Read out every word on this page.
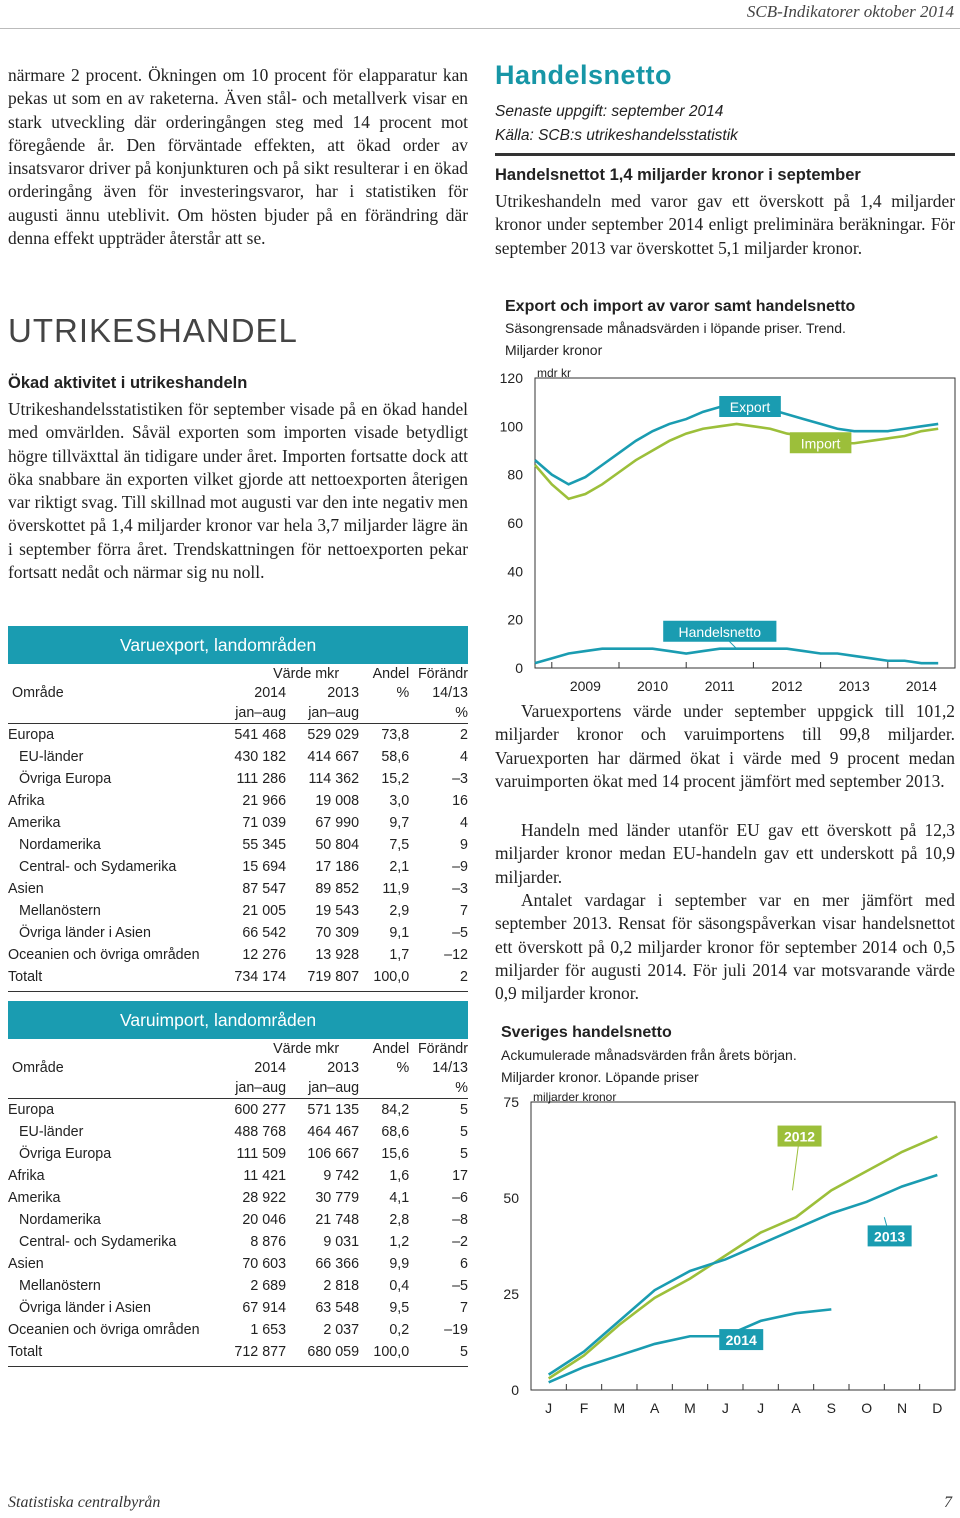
SCB-Indikatorer oktober 2014
närmare 2 procent. Ökningen om 10 procent för elapparatur kan pekas ut som en av raketerna. Även stål- och metallverk visar en stark utveckling där orderingången steg med 14 procent mot föregående år. Den förväntade effekten, att ökad order av insatsvaror driver på konjunkturen och på sikt resulterar i en ökad orderingång även för investeringsvaror, har i statistiken för augusti ännu uteblivit. Om hösten bjuder på en förändring där denna effekt uppträder återstår att se.
UTRIKESHANDEL
Ökad aktivitet i utrikeshandeln
Utrikeshandelsstatistiken för september visade på en ökad handel med omvärlden. Såväl exporten som importen visade betydligt högre tillväxttal än tidigare under året. Importen fortsatte dock att öka snabbare än exporten vilket gjorde att nettoexporten återigen var riktigt svag. Till skillnad mot augusti var den inte negativ men överskottet på 1,4 miljarder kronor var hela 3,7 miljarder lägre än i september förra året. Trendskattningen för nettoexporten pekar fortsatt nedåt och närmar sig nu noll.
Varuexport, landområden
	Värde mkr		Andel	Förändr
Område	2014	2013	%	14/13
	jan–aug	jan–aug		%
Europa	541 468	529 029	73,8	2
EU-länder	430 182	414 667	58,6	4
Övriga Europa	111 286	114 362	15,2	–3
Afrika	21 966	19 008	3,0	16
Amerika	71 039	67 990	9,7	4
Nordamerika	55 345	50 804	7,5	9
Central- och Sydamerika	15 694	17 186	2,1	–9
Asien	87 547	89 852	11,9	–3
Mellanöstern	21 005	19 543	2,9	7
Övriga länder i Asien	66 542	70 309	9,1	–5
Oceanien och övriga områden	12 276	13 928	1,7	–12
Totalt	734 174	719 807	100,0	2
Varuimport, landområden
	Värde mkr		Andel	Förändr
Område	2014	2013	%	14/13
	jan–aug	jan–aug		%
Europa	600 277	571 135	84,2	5
EU-länder	488 768	464 467	68,6	5
Övriga Europa	111 509	106 667	15,6	5
Afrika	11 421	9 742	1,6	17
Amerika	28 922	30 779	4,1	–6
Nordamerika	20 046	21 748	2,8	–8
Central- och Sydamerika	8 876	9 031	1,2	–2
Asien	70 603	66 366	9,9	6
Mellanöstern	2 689	2 818	0,4	–5
Övriga länder i Asien	67 914	63 548	9,5	7
Oceanien och övriga områden	1 653	2 037	0,2	–19
Totalt	712 877	680 059	100,0	5
Handelsnetto
Senaste uppgift: september 2014
Källa: SCB:s utrikeshandelsstatistik
Handelsnettot 1,4 miljarder kronor i september
Utrikeshandeln med varor gav ett överskott på 1,4 miljarder kronor under september 2014 enligt preliminära beräkningar. För september 2013 var överskottet 5,1 miljarder kronor.
Export och import av varor samt handelsnetto
Säsongrensade månadsvärden i löpande priser. Trend.
Miljarder kronor
0
20
40
60
80
100
120 mdr kr
2009	2010	2011	2012	2013	2014
Export
Import
Handelsnetto
Varuexportens värde under september uppgick till 101,2 miljarder kronor och varuimportens till 99,8 miljarder. Varuexporten har därmed ökat i värde med 9 procent medan varuimporten ökat med 14 procent jämfört med september 2013.
Handeln med länder utanför EU gav ett överskott på 12,3 miljarder kronor medan EU-handeln gav ett underskott på 10,9 miljarder.
Antalet vardagar i september var en mer jämfört med september 2013. Rensat för säsongspåverkan visar handelsnettot ett överskott på 0,2 miljarder kronor för september 2014 och 0,5 miljarder för augusti 2014. För juli 2014 var motsvarande värde 0,9 miljarder kronor.
Sveriges handelsnetto
Ackumulerade månadsvärden från årets början.
Miljarder kronor. Löpande priser
0
25
50
75 miljarder kronor
J F M A M J J A S O N D
2012
2013
2014
Statistiska centralbyrån	7
